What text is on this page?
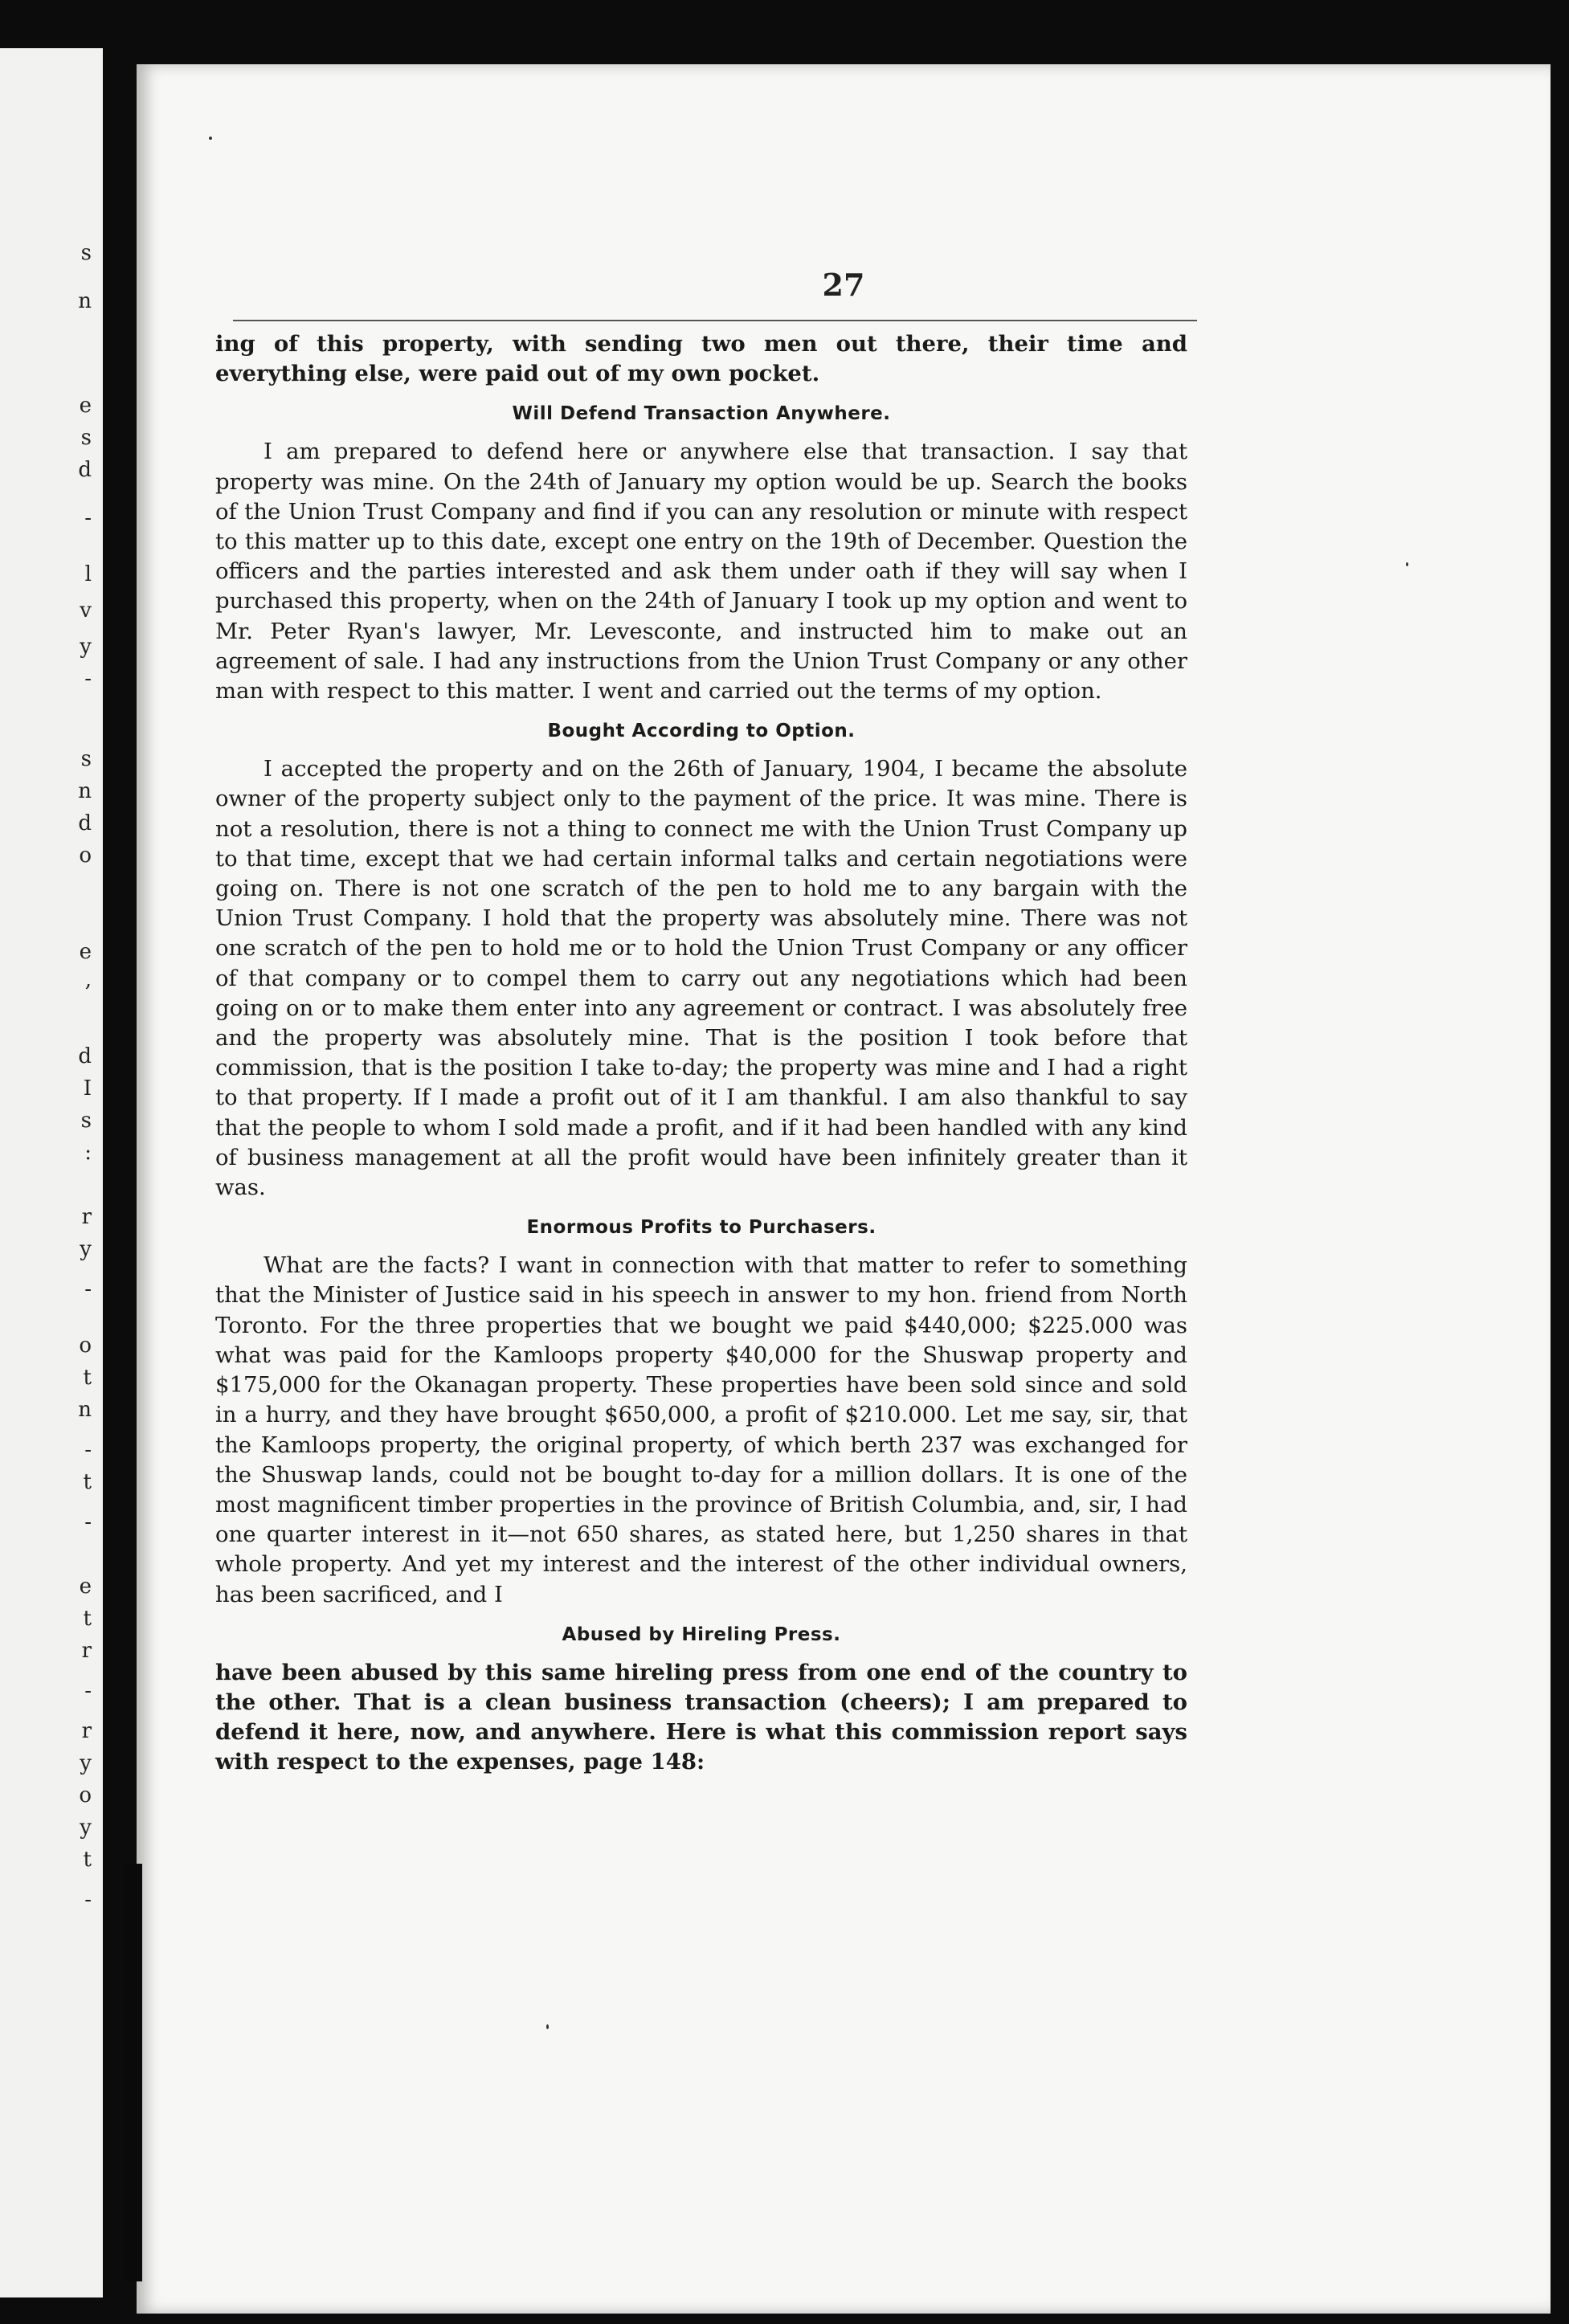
s
n
e
s
d
-
l
v
y
-
s
n
d
o
e
,
d
I
s
:
r
y
-
o
t
n
-
t
-
e
t
r
-
r
y
o
y
t
-
27

ing of this property, with sending two men out there, their time and everything else, were paid out of my own pocket.

Will Defend Transaction Anywhere.

I am prepared to defend here or anywhere else that transaction. I say that property was mine. On the 24th of January my option would be up. Search the books of the Union Trust Company and find if you can any resolution or minute with respect to this matter up to this date, except one entry on the 19th of December. Question the officers and the parties interested and ask them under oath if they will say when I purchased this property, when on the 24th of January I took up my option and went to Mr. Peter Ryan's lawyer, Mr. Levesconte, and instructed him to make out an agreement of sale. I had any instructions from the Union Trust Company or any other man with respect to this matter. I went and carried out the terms of my option.

Bought According to Option.

I accepted the property and on the 26th of January, 1904, I became the absolute owner of the property subject only to the payment of the price. It was mine. There is not a resolution, there is not a thing to connect me with the Union Trust Company up to that time, except that we had certain informal talks and certain negotiations were going on. There is not one scratch of the pen to hold me to any bargain with the Union Trust Company. I hold that the property was absolutely mine. There was not one scratch of the pen to hold me or to hold the Union Trust Company or any officer of that company or to compel them to carry out any negotiations which had been going on or to make them enter into any agreement or contract. I was absolutely free and the property was absolutely mine. That is the position I took before that commission, that is the position I take to-day; the property was mine and I had a right to that property. If I made a profit out of it I am thankful. I am also thankful to say that the people to whom I sold made a profit, and if it had been handled with any kind of business management at all the profit would have been infinitely greater than it was.

Enormous Profits to Purchasers.

What are the facts? I want in connection with that matter to refer to something that the Minister of Justice said in his speech in answer to my hon. friend from North Toronto. For the three properties that we bought we paid $440,000; $225.000 was what was paid for the Kamloops property $40,000 for the Shuswap property and $175,000 for the Okanagan property. These properties have been sold since and sold in a hurry, and they have brought $650,000, a profit of $210.000. Let me say, sir, that the Kamloops property, the original property, of which berth 237 was exchanged for the Shuswap lands, could not be bought to-day for a million dollars. It is one of the most magnificent timber properties in the province of British Columbia, and, sir, I had one quarter interest in it—not 650 shares, as stated here, but 1,250 shares in that whole property. And yet my interest and the interest of the other individual owners, has been sacrificed, and I

Abused by Hireling Press.

have been abused by this same hireling press from one end of the country to the other. That is a clean business transaction (cheers); I am prepared to defend it here, now, and anywhere. Here is what this commission report says with respect to the expenses, page 148:
